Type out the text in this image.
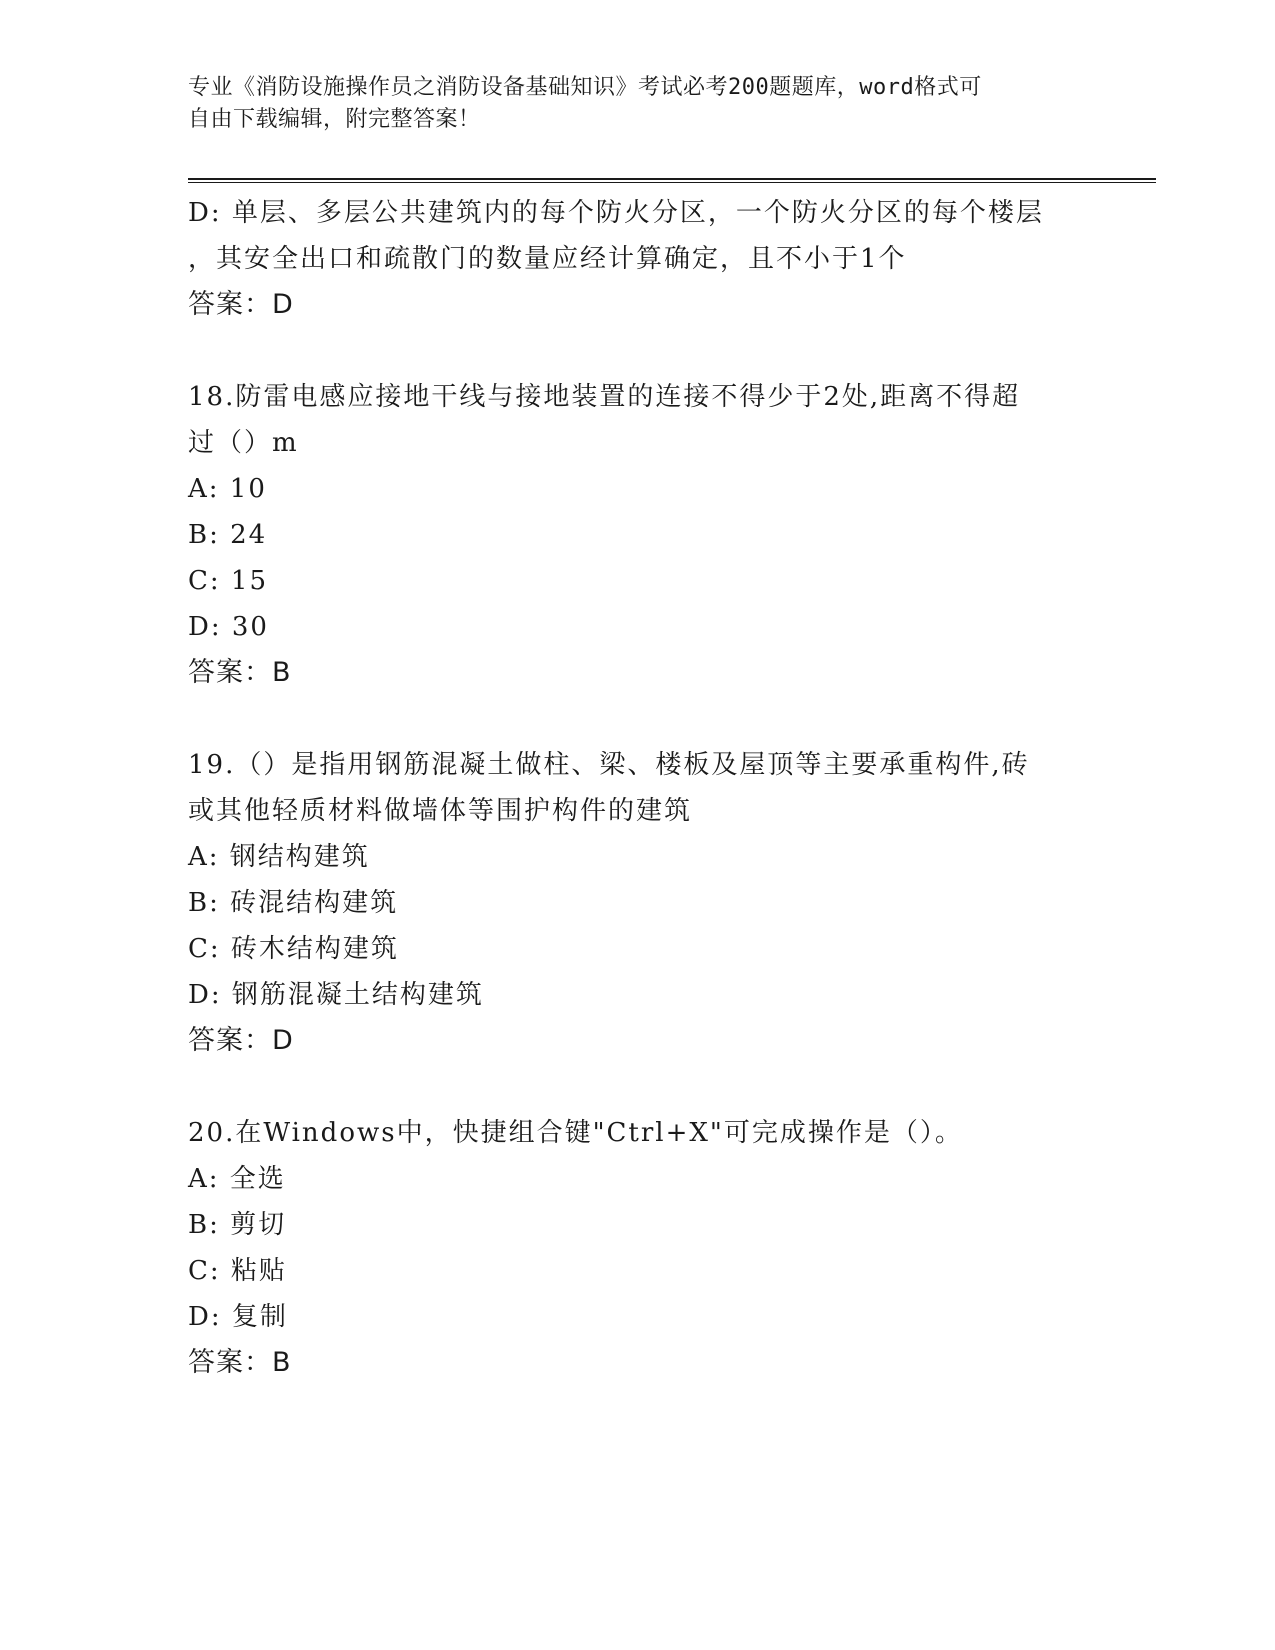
专业《消防设施操作员之消防设备基础知识》考试必考200题题库，word格式可
自由下载编辑，附完整答案！
D: 单层、多层公共建筑内的每个防火分区，一个防火分区的每个楼层
，其安全出口和疏散门的数量应经计算确定，且不小于1个
答案：D
18.防雷电感应接地干线与接地装置的连接不得少于2处,距离不得超
过（）m
A: 10
B: 24
C: 15
D: 30
答案：B
19.（）是指用钢筋混凝土做柱、梁、楼板及屋顶等主要承重构件,砖
或其他轻质材料做墙体等围护构件的建筑
A: 钢结构建筑
B: 砖混结构建筑
C: 砖木结构建筑
D: 钢筋混凝土结构建筑
答案：D
20.在Windows中，快捷组合键"Ctrl+X"可完成操作是（）。
A: 全选
B: 剪切
C: 粘贴
D: 复制
答案：B
